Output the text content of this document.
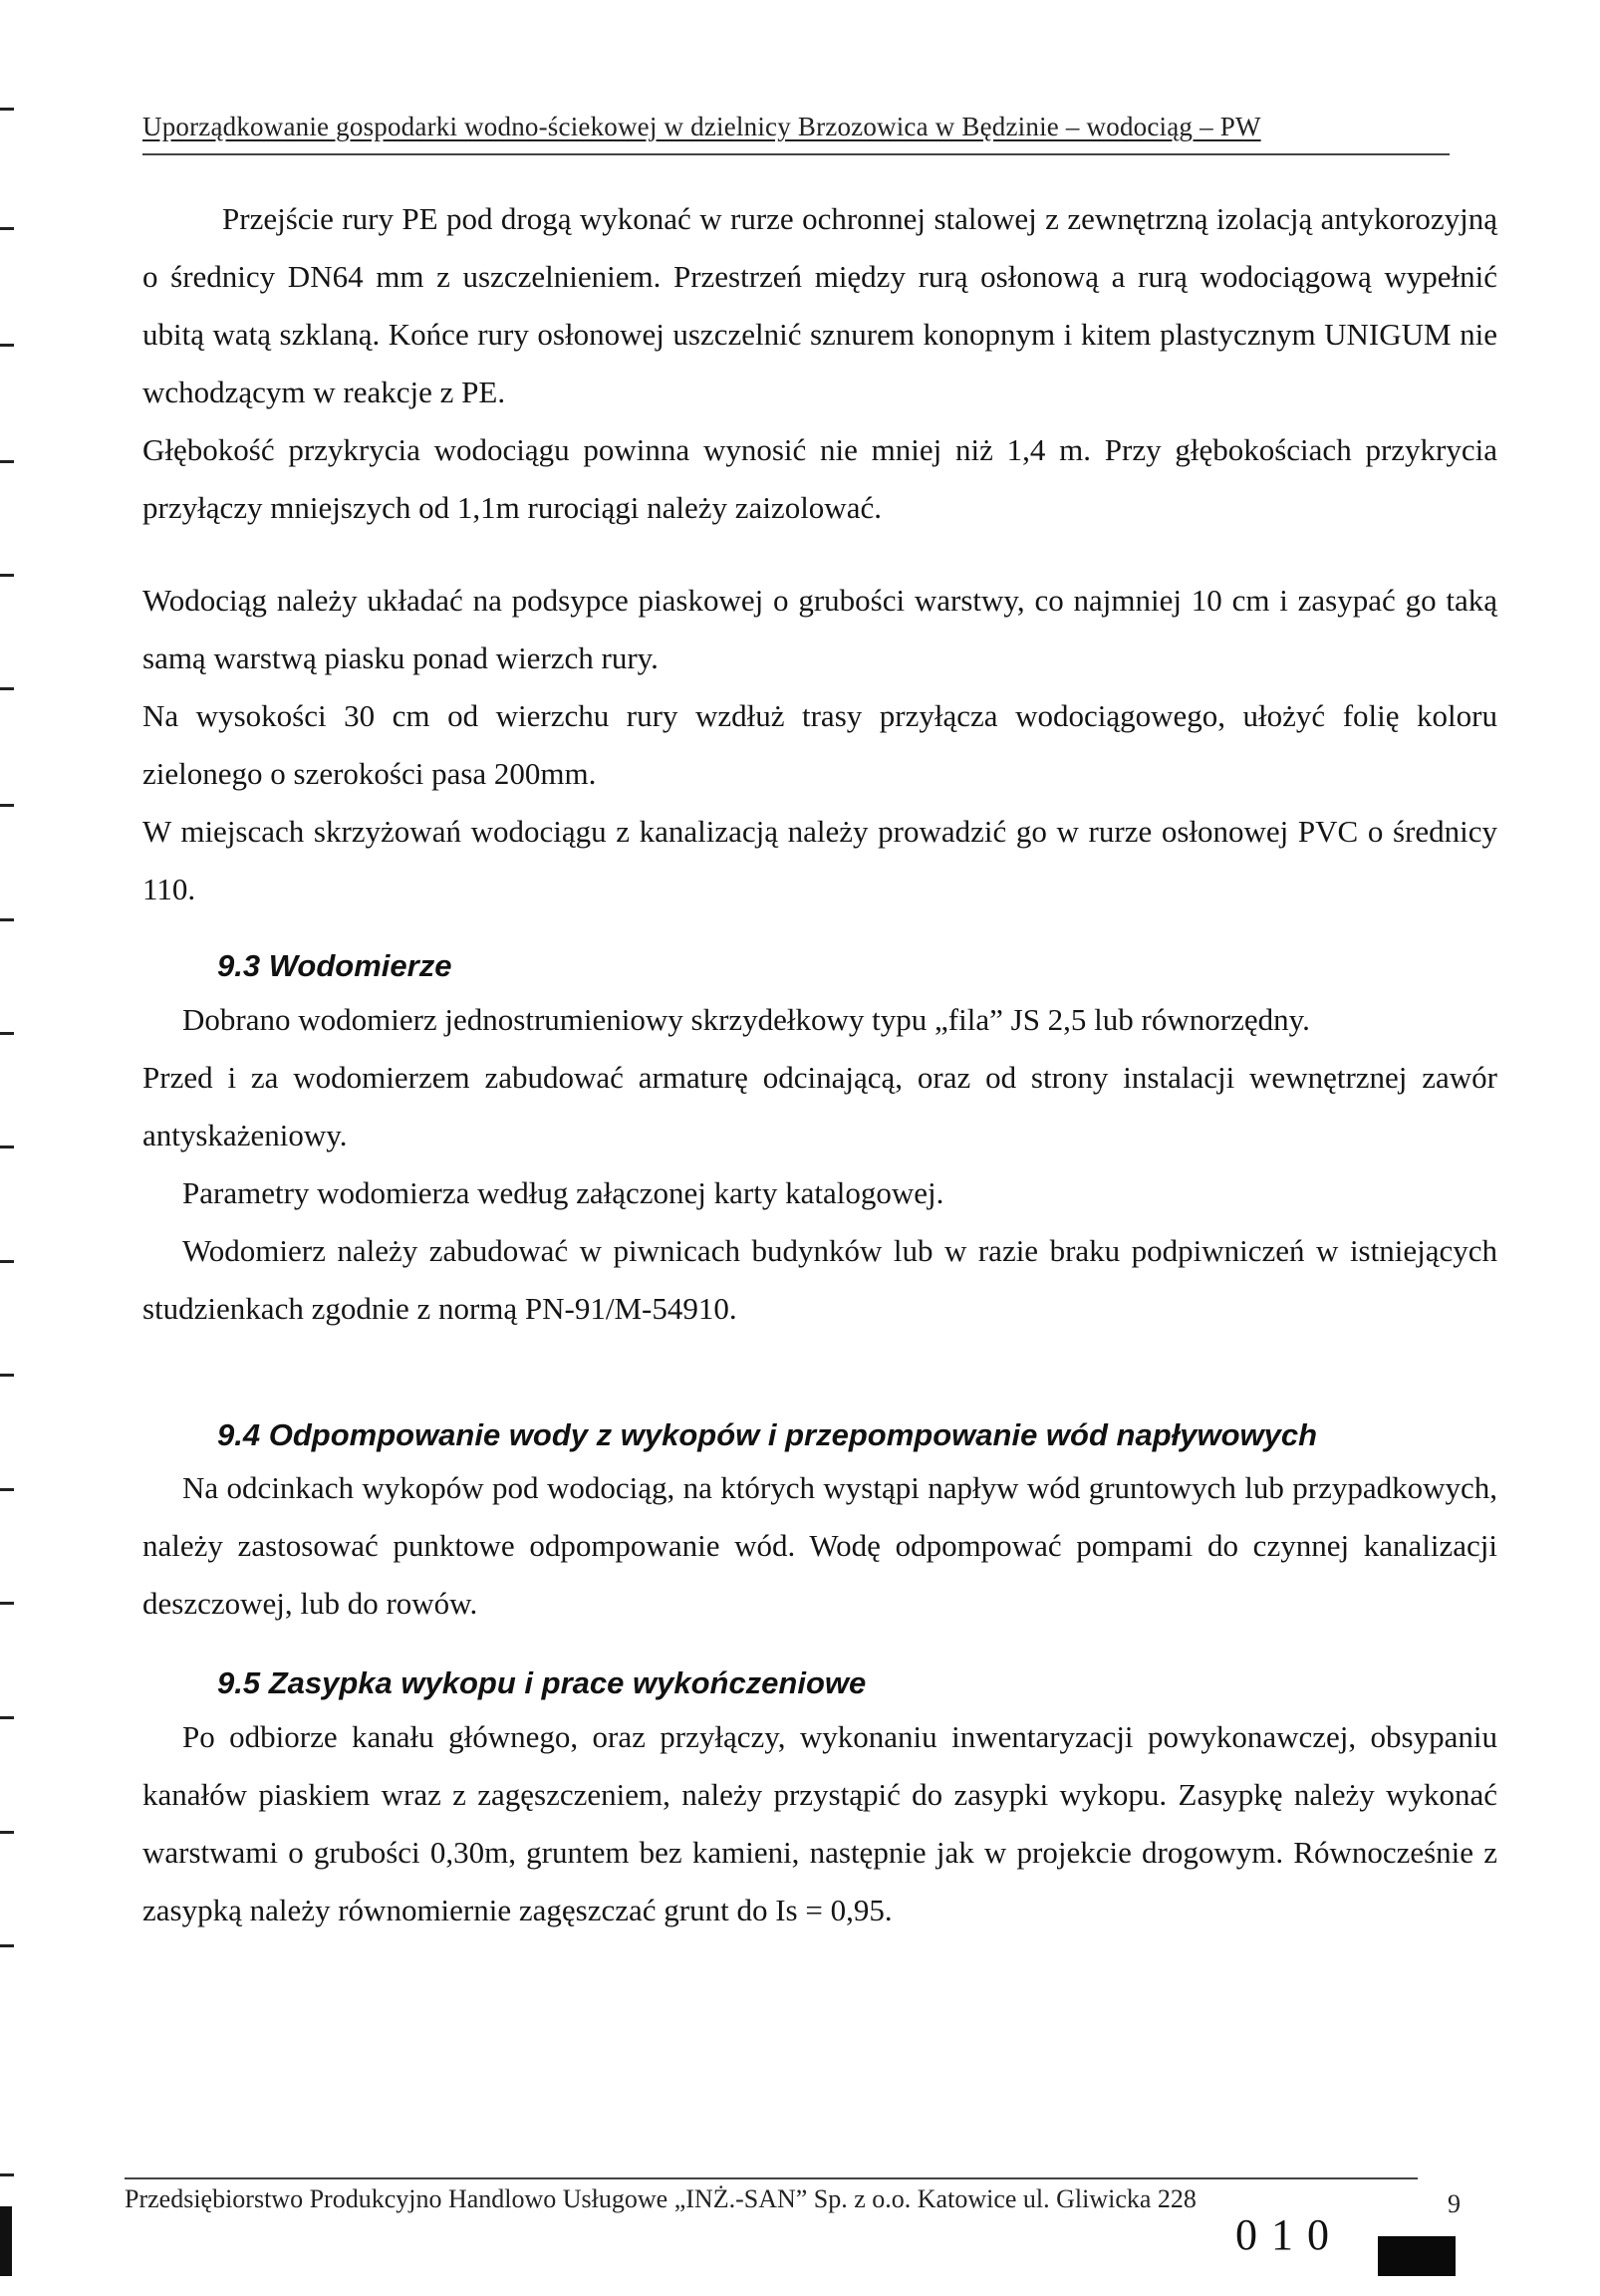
Uporządkowanie gospodarki wodno-ściekowej w dzielnicy Brzozowica w Będzinie – wodociąg – PW

Przejście rury PE pod drogą wykonać w rurze ochronnej stalowej z zewnętrzną izolacją antykorozyjną o średnicy DN64 mm z uszczelnieniem. Przestrzeń między rurą osłonową a rurą wodociągową wypełnić ubitą watą szklaną. Końce rury osłonowej uszczelnić sznurem konopnym i kitem plastycznym UNIGUM nie wchodzącym w reakcje z PE.

Głębokość przykrycia wodociągu powinna wynosić nie mniej niż 1,4 m. Przy głębokościach przykrycia przyłączy mniejszych od 1,1m rurociągi należy zaizolować.

Wodociąg należy układać na podsypce piaskowej o grubości warstwy, co najmniej 10 cm i zasypać go taką samą warstwą piasku ponad wierzch rury.

Na wysokości 30 cm od wierzchu rury wzdłuż trasy przyłącza wodociągowego, ułożyć folię koloru zielonego o szerokości pasa 200mm.

W miejscach skrzyżowań wodociągu z kanalizacją należy prowadzić go w rurze osłonowej PVC o średnicy 110.

9.3 Wodomierze

Dobrano wodomierz jednostrumieniowy skrzydełkowy typu „fila” JS 2,5 lub równorzędny.

Przed i za wodomierzem zabudować armaturę odcinającą, oraz od strony instalacji wewnętrznej zawór antyskażeniowy.

Parametry wodomierza według załączonej karty katalogowej.

Wodomierz należy zabudować w piwnicach budynków lub w razie braku podpiwniczeń w istniejących studzienkach zgodnie z normą PN-91/M-54910.

9.4 Odpompowanie wody z wykopów i przepompowanie wód napływowych

Na odcinkach wykopów pod wodociąg, na których wystąpi napływ wód gruntowych lub przypadkowych, należy zastosować punktowe odpompowanie wód. Wodę odpompować pompami do czynnej kanalizacji deszczowej, lub do rowów.

9.5 Zasypka wykopu i prace wykończeniowe

Po odbiorze kanału głównego, oraz przyłączy, wykonaniu inwentaryzacji powykonawczej, obsypaniu kanałów piaskiem wraz z zagęszczeniem, należy przystąpić do zasypki wykopu. Zasypkę należy wykonać warstwami o grubości 0,30m, gruntem bez kamieni, następnie jak w projekcie drogowym. Równocześnie z zasypką należy równomiernie zagęszczać grunt do Is = 0,95.

Przedsiębiorstwo Produkcyjno Handlowo Usługowe „INŻ.-SAN” Sp. z o.o. Katowice ul. Gliwicka 228	9
010
